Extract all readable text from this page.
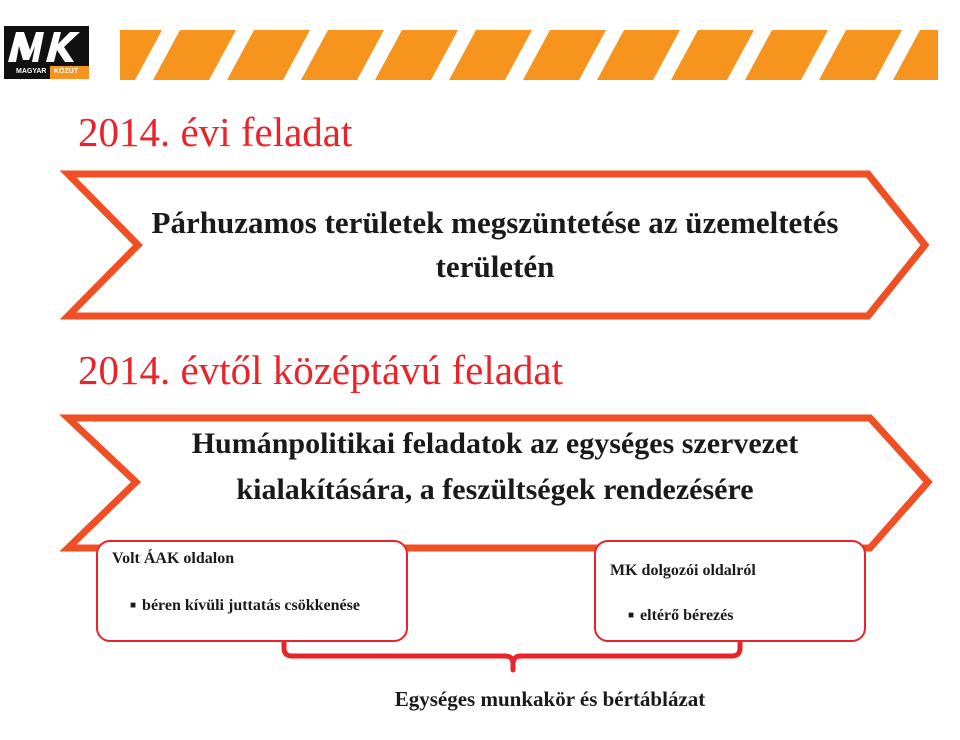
MAGYAR KÖZÚT
2014. évi feladat
Párhuzamos területek megszüntetése az üzemeltetés területén
2014. évtől középtávú feladat
Humánpolitikai feladatok az egységes szervezet kialakítására, a feszültségek rendezésére
Volt ÁAK oldalon
■ béren kívüli juttatás csökkenése
MK dolgozói oldalról
■ eltérő bérezés
Egységes munkakör és bértáblázat
